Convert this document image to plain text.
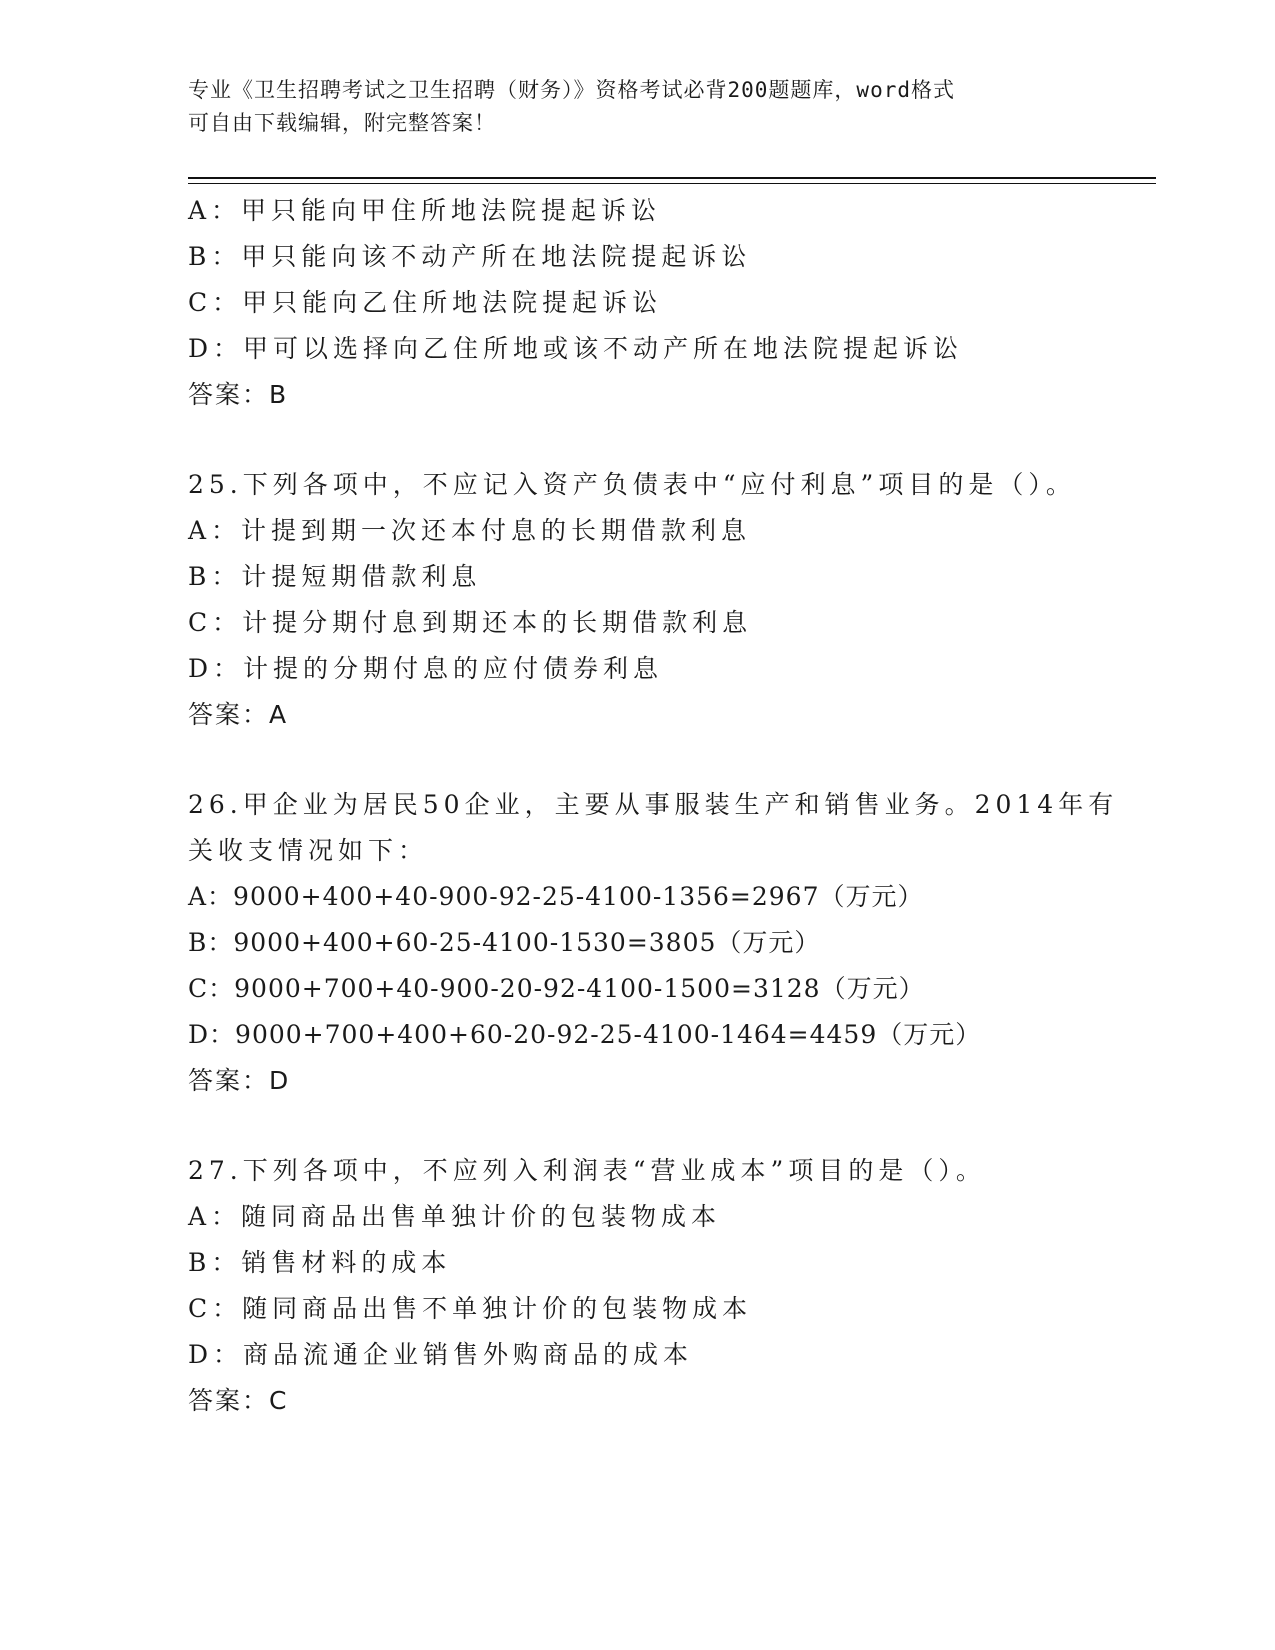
专业《卫生招聘考试之卫生招聘（财务）》资格考试必背200题题库，word格式
可自由下载编辑，附完整答案！
A：甲只能向甲住所地法院提起诉讼
B：甲只能向该不动产所在地法院提起诉讼
C：甲只能向乙住所地法院提起诉讼
D：甲可以选择向乙住所地或该不动产所在地法院提起诉讼
答案：B
25.下列各项中，不应记入资产负债表中“应付利息”项目的是（）。
A：计提到期一次还本付息的长期借款利息
B：计提短期借款利息
C：计提分期付息到期还本的长期借款利息
D：计提的分期付息的应付债券利息
答案：A
26.甲企业为居民50企业，主要从事服装生产和销售业务。2014年有
关收支情况如下：
A：9000+400+40-900-92-25-4100-1356=2967（万元）
B：9000+400+60-25-4100-1530=3805（万元）
C：9000+700+40-900-20-92-4100-1500=3128（万元）
D：9000+700+400+60-20-92-25-4100-1464=4459（万元）
答案：D
27.下列各项中，不应列入利润表“营业成本”项目的是（）。
A：随同商品出售单独计价的包装物成本
B：销售材料的成本
C：随同商品出售不单独计价的包装物成本
D：商品流通企业销售外购商品的成本
答案：C
